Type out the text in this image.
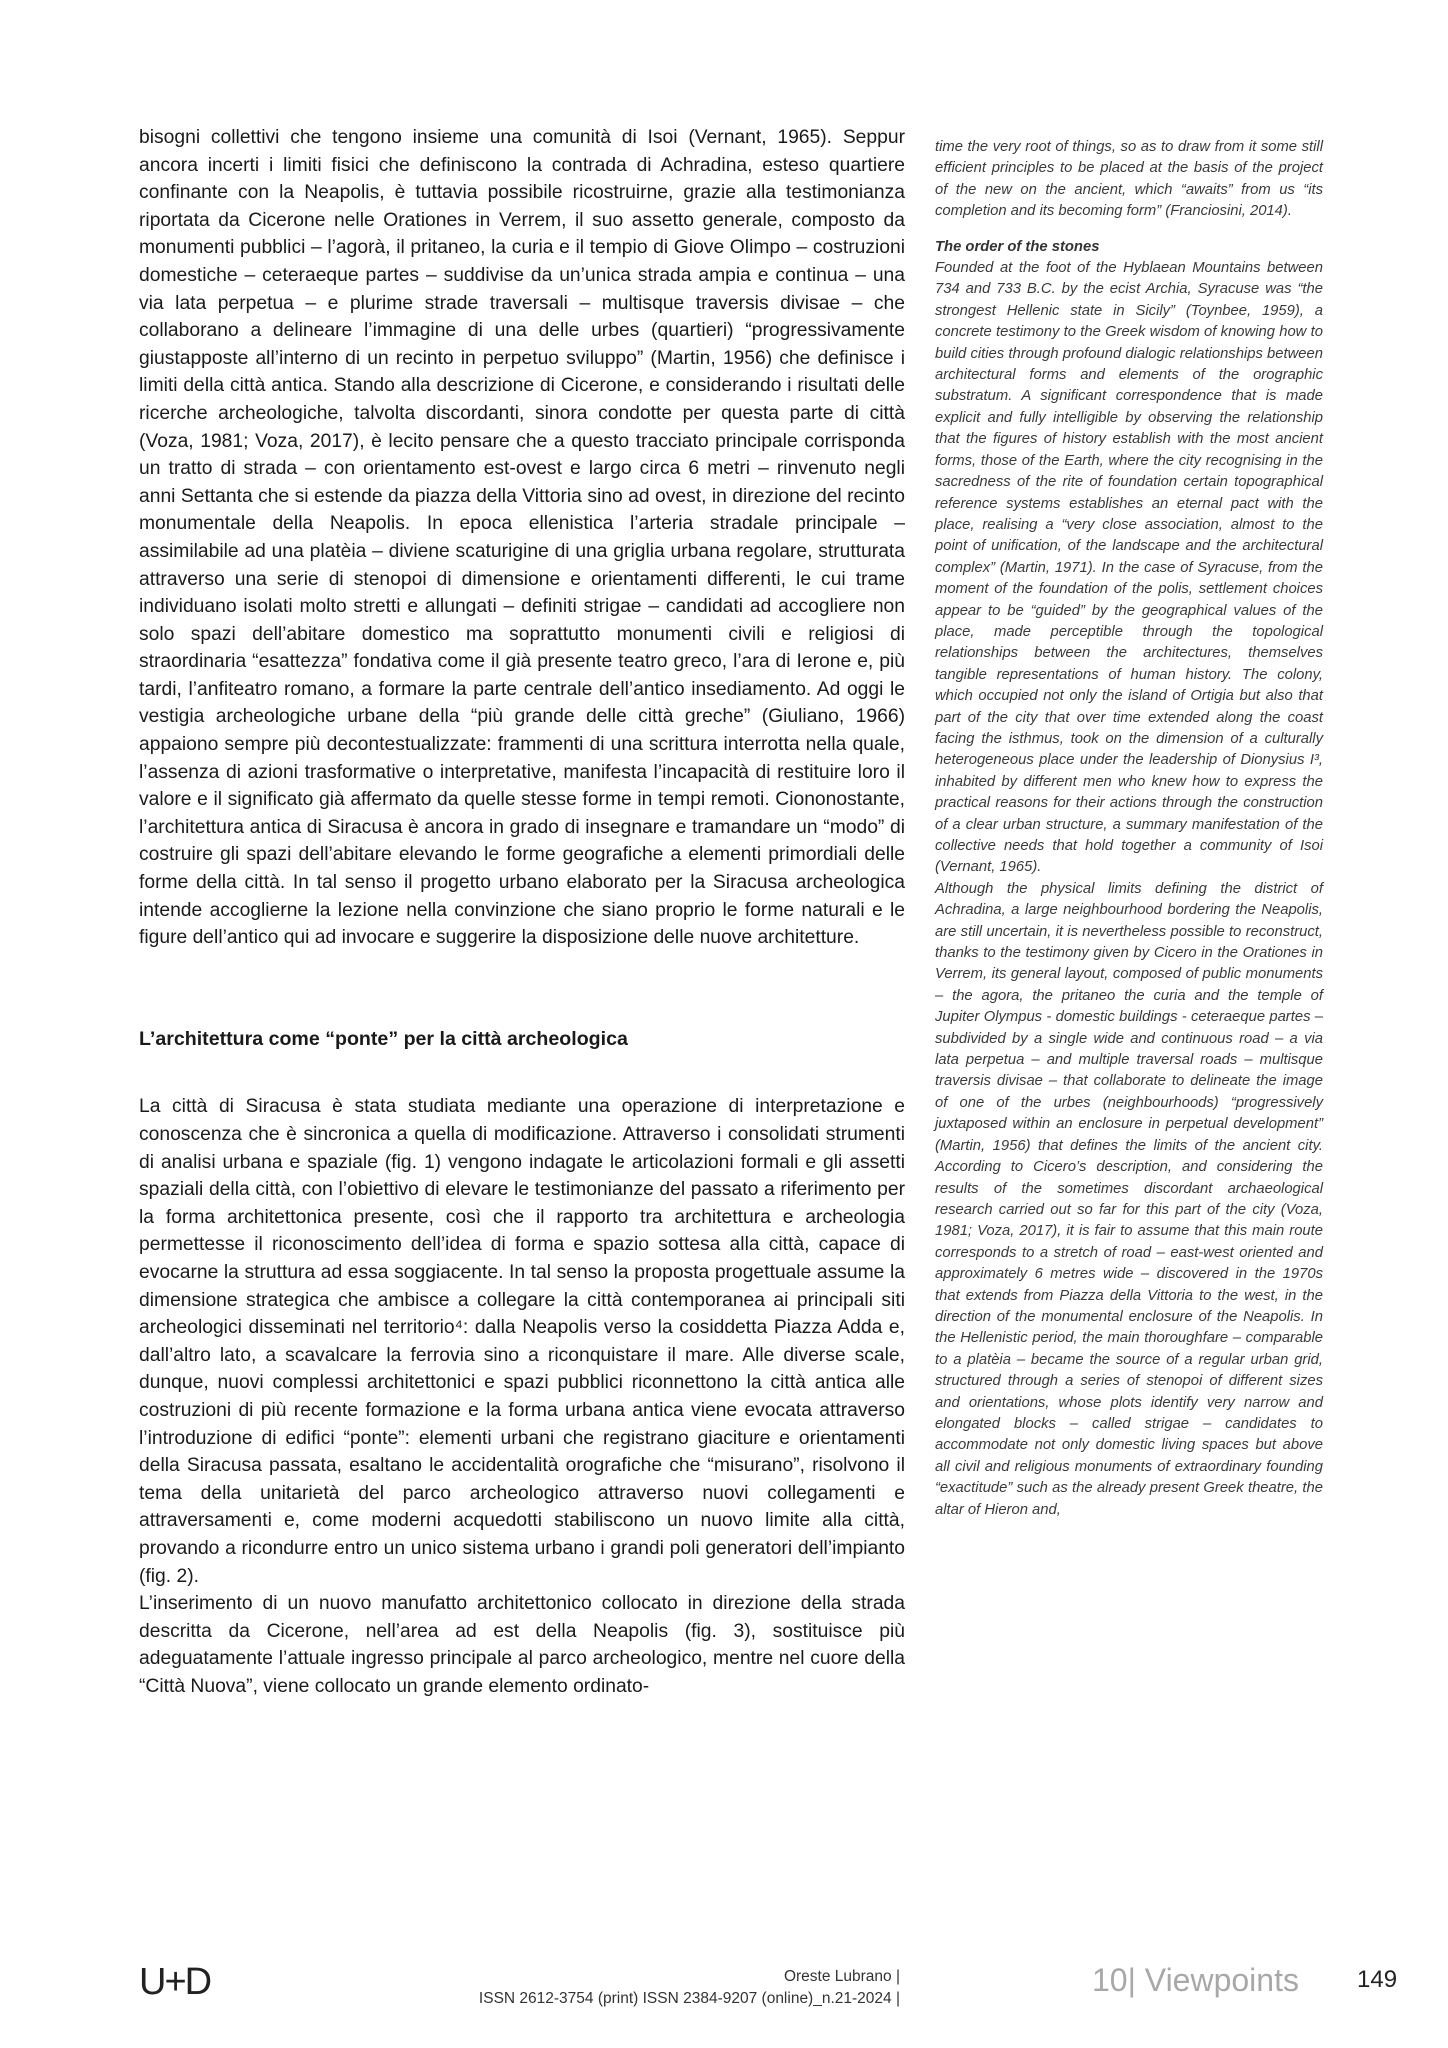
bisogni collettivi che tengono insieme una comunità di Isoi (Vernant, 1965). Seppur ancora incerti i limiti fisici che definiscono la contrada di Achradina, esteso quartiere confinante con la Neapolis, è tuttavia possibile ricostruirne, grazie alla testimonianza riportata da Cicerone nelle Orationes in Verrem, il suo assetto generale, composto da monumenti pubblici – l’agorà, il pritaneo, la curia e il tempio di Giove Olimpo – costruzioni domestiche – ceteraeque partes – suddivise da un’unica strada ampia e continua – una via lata perpetua – e plurime strade traversali – multisque traversis divisae – che collaborano a delineare l’immagine di una delle urbes (quartieri) “progressivamente giustapposte all’interno di un recinto in perpetuo sviluppo” (Martin, 1956) che definisce i limiti della città antica. Stando alla descrizione di Cicerone, e considerando i risultati delle ricerche archeologiche, talvolta discordanti, sinora condotte per questa parte di città (Voza, 1981; Voza, 2017), è lecito pensare che a questo tracciato principale corrisponda un tratto di strada – con orientamento est-ovest e largo circa 6 metri – rinvenuto negli anni Settanta che si estende da piazza della Vittoria sino ad ovest, in direzione del recinto monumentale della Neapolis. In epoca ellenistica l’arteria stradale principale – assimilabile ad una platèia – diviene scaturigine di una griglia urbana regolare, strutturata attraverso una serie di stenopoi di dimensione e orientamenti differenti, le cui trame individuano isolati molto stretti e allungati – definiti strigae – candidati ad accogliere non solo spazi dell’abitare domestico ma soprattutto monumenti civili e religiosi di straordinaria “esattezza” fondativa come il già presente teatro greco, l’ara di Ierone e, più tardi, l’anfiteatro romano, a formare la parte centrale dell’antico insediamento. Ad oggi le vestigia archeologiche urbane della “più grande delle città greche” (Giuliano, 1966) appaiono sempre più decontestualizzate: frammenti di una scrittura interrotta nella quale, l’assenza di azioni trasformative o interpretative, manifesta l’incapacità di restituire loro il valore e il significato già affermato da quelle stesse forme in tempi remoti. Ciononostante, l’architettura antica di Siracusa è ancora in grado di insegnare e tramandare un “modo” di costruire gli spazi dell’abitare elevando le forme geografiche a elementi primordiali delle forme della città. In tal senso il progetto urbano elaborato per la Siracusa archeologica intende accoglierne la lezione nella convinzione che siano proprio le forme naturali e le figure dell’antico qui ad invocare e suggerire la disposizione delle nuove architetture.

L’architettura come “ponte” per la città archeologica

La città di Siracusa è stata studiata mediante una operazione di interpretazione e conoscenza che è sincronica a quella di modificazione. Attraverso i consolidati strumenti di analisi urbana e spaziale (fig. 1) vengono indagate le articolazioni formali e gli assetti spaziali della città, con l’obiettivo di elevare le testimonianze del passato a riferimento per la forma architettonica presente, così che il rapporto tra architettura e archeologia permettesse il riconoscimento dell’idea di forma e spazio sottesa alla città, capace di evocarne la struttura ad essa soggiacente. In tal senso la proposta progettuale assume la dimensione strategica che ambisce a collegare la città contemporanea ai principali siti archeologici disseminati nel territorio⁴: dalla Neapolis verso la cosiddetta Piazza Adda e, dall’altro lato, a scavalcare la ferrovia sino a riconquistare il mare. Alle diverse scale, dunque, nuovi complessi architettonici e spazi pubblici riconnettono la città antica alle costruzioni di più recente formazione e la forma urbana antica viene evocata attraverso l’introduzione di edifici “ponte”: elementi urbani che registrano giaciture e orientamenti della Siracusa passata, esaltano le accidentalità orografiche che “misurano”, risolvono il tema della unitarietà del parco archeologico attraverso nuovi collegamenti e attraversamenti e, come moderni acquedotti stabiliscono un nuovo limite alla città, provando a ricondurre entro un unico sistema urbano i grandi poli generatori dell’impianto (fig. 2).

L’inserimento di un nuovo manufatto architettonico collocato in direzione della strada descritta da Cicerone, nell’area ad est della Neapolis (fig. 3), sostituisce più adeguatamente l’attuale ingresso principale al parco archeologico, mentre nel cuore della “Città Nuova”, viene collocato un grande elemento ordinato-

time the very root of things, so as to draw from it some still efficient principles to be placed at the basis of the project of the new on the ancient, which “awaits” from us “its completion and its becoming form” (Franciosini, 2014).

The order of the stones

Founded at the foot of the Hyblaean Mountains between 734 and 733 B.C. by the ecist Archia, Syracuse was “the strongest Hellenic state in Sicily” (Toynbee, 1959), a concrete testimony to the Greek wisdom of knowing how to build cities through profound dialogic relationships between architectural forms and elements of the orographic substratum. A significant correspondence that is made explicit and fully intelligible by observing the relationship that the figures of history establish with the most ancient forms, those of the Earth, where the city recognising in the sacredness of the rite of foundation certain topographical reference systems establishes an eternal pact with the place, realising a “very close association, almost to the point of unification, of the landscape and the architectural complex” (Martin, 1971). In the case of Syracuse, from the moment of the foundation of the polis, settlement choices appear to be “guided” by the geographical values of the place, made perceptible through the topological relationships between the architectures, themselves tangible representations of human history. The colony, which occupied not only the island of Ortigia but also that part of the city that over time extended along the coast facing the isthmus, took on the dimension of a culturally heterogeneous place under the leadership of Dionysius I³, inhabited by different men who knew how to express the practical reasons for their actions through the construction of a clear urban structure, a summary manifestation of the collective needs that hold together a community of Isoi (Vernant, 1965).

Although the physical limits defining the district of Achradina, a large neighbourhood bordering the Neapolis, are still uncertain, it is nevertheless possible to reconstruct, thanks to the testimony given by Cicero in the Orationes in Verrem, its general layout, composed of public monuments – the agora, the pritaneo the curia and the temple of Jupiter Olympus - domestic buildings - ceteraeque partes – subdivided by a single wide and continuous road – a via lata perpetua – and multiple traversal roads – multisque traversis divisae – that collaborate to delineate the image of one of the urbes (neighbourhoods) “progressively juxtaposed within an enclosure in perpetual development” (Martin, 1956) that defines the limits of the ancient city. According to Cicero’s description, and considering the results of the sometimes discordant archaeological research carried out so far for this part of the city (Voza, 1981; Voza, 2017), it is fair to assume that this main route corresponds to a stretch of road – east-west oriented and approximately 6 metres wide – discovered in the 1970s that extends from Piazza della Vittoria to the west, in the direction of the monumental enclosure of the Neapolis. In the Hellenistic period, the main thoroughfare – comparable to a platèia – became the source of a regular urban grid, structured through a series of stenopoi of different sizes and orientations, whose plots identify very narrow and elongated blocks – called strigae – candidates to accommodate not only domestic living spaces but above all civil and religious monuments of extraordinary founding “exactitude” such as the already present Greek theatre, the altar of Hieron and,

U+D	Oreste Lubrano |
ISSN 2612-3754 (print) ISSN 2384-9207 (online)_n.21-2024 |
10| Viewpoints 149
